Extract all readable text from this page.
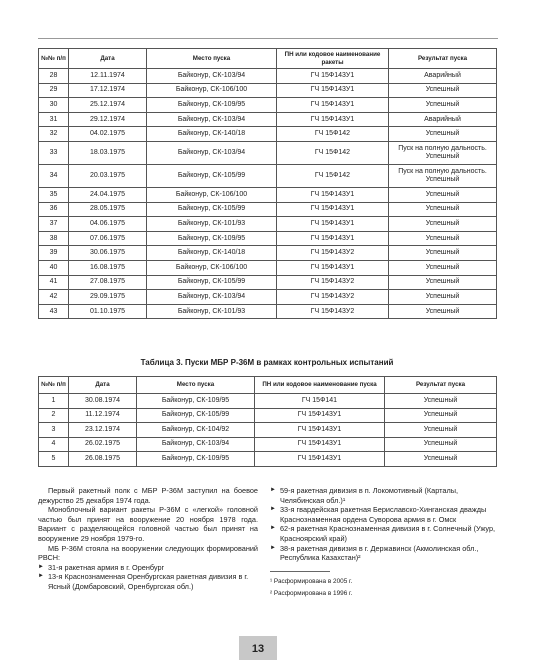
№№ п/п	Дата	Место пуска	ПН или кодовое наименование ракеты	Результат пуска
28	12.11.1974	Байконур, СК-103/94	ГЧ 15Ф143У1	Аварийный
29	17.12.1974	Байконур, СК-106/100	ГЧ 15Ф143У1	Успешный
30	25.12.1974	Байконур, СК-109/95	ГЧ 15Ф143У1	Успешный
31	29.12.1974	Байконур, СК-103/94	ГЧ 15Ф143У1	Аварийный
32	04.02.1975	Байконур, СК-140/18	ГЧ 15Ф142	Успешный
33	18.03.1975	Байконур, СК-103/94	ГЧ 15Ф142	Пуск на полную дальность. Успешный
34	20.03.1975	Байконур, СК-105/99	ГЧ 15Ф142	Пуск на полную дальность. Успешный
35	24.04.1975	Байконур, СК-106/100	ГЧ 15Ф143У1	Успешный
36	28.05.1975	Байконур, СК-105/99	ГЧ 15Ф143У1	Успешный
37	04.06.1975	Байконур, СК-101/93	ГЧ 15Ф143У1	Успешный
38	07.06.1975	Байконур, СК-109/95	ГЧ 15Ф143У1	Успешный
39	30.06.1975	Байконур, СК-140/18	ГЧ 15Ф143У2	Успешный
40	16.08.1975	Байконур, СК-106/100	ГЧ 15Ф143У1	Успешный
41	27.08.1975	Байконур, СК-105/99	ГЧ 15Ф143У2	Успешный
42	29.09.1975	Байконур, СК-103/94	ГЧ 15Ф143У2	Успешный
43	01.10.1975	Байконур, СК-101/93	ГЧ 15Ф143У2	Успешный
Таблица 3. Пуски МБР Р-36М в рамках контрольных испытаний
№№ п/п	Дата	Место пуска	ПН или кодовое наименование пуска	Результат пуска
1	30.08.1974	Байконур, СК-109/95	ГЧ 15Ф141	Успешный
2	11.12.1974	Байконур, СК-105/99	ГЧ 15Ф143У1	Успешный
3	23.12.1974	Байконур, СК-104/92	ГЧ 15Ф143У1	Успешный
4	26.02.1975	Байконур, СК-103/94	ГЧ 15Ф143У1	Успешный
5	26.08.1975	Байконур, СК-109/95	ГЧ 15Ф143У1	Успешный

Первый ракетный полк с МБР Р-36М заступил на боевое дежурство 25 декабря 1974 года.

Моноблочный вариант ракеты Р-36М с «легкой» головной частью был принят на вооружение 20 ноября 1978 года. Вариант с разделяющейся головной частью был принят на вооружение 29 ноября 1979-го.

МБ Р-36М стояла на вооружении следующих формирований РВСН:

► 31-я ракетная армия в г. Оренбург
► 13-я Краснознаменная Оренбургская ракетная дивизия в г. Ясный (Домбаровский, Оренбургская обл.)
► 59-я ракетная дивизия в п. Локомотивный (Карталы, Челябинская обл.)¹
► 33-я гвардейская ракетная Бериславско-Хинганская дважды Краснознаменная ордена Суворова армия в г. Омск
► 62-я ракетная Краснознаменная дивизия в г. Солнечный (Ужур, Красноярский край)
► 38-я ракетная дивизия в г. Державинск (Акмолинская обл., Республика Казахстан)²
¹ Расформирована в 2005 г.
² Расформирована в 1996 г.
13
